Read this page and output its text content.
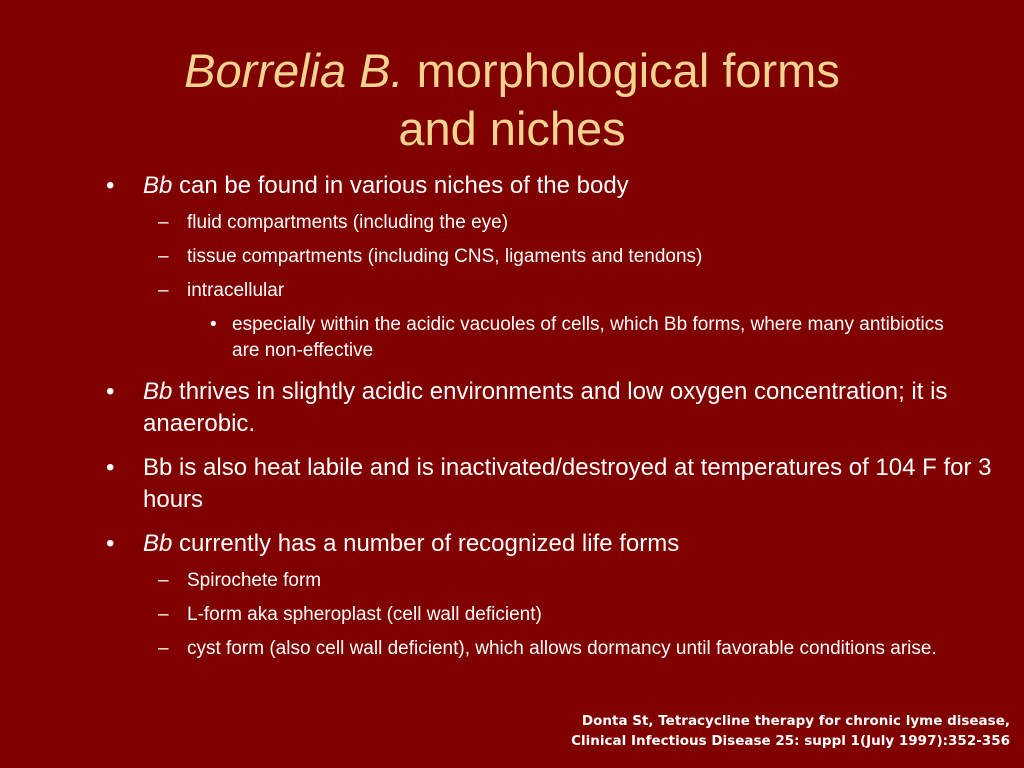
Borrelia B. morphological forms
and niches
• Bb can be found in various niches of the body
– fluid compartments (including the eye)
– tissue compartments (including CNS, ligaments and tendons)
– intracellular
• especially within the acidic vacuoles of cells, which Bb forms, where many antibiotics are non-effective
• Bb thrives in slightly acidic environments and low oxygen concentration; it is anaerobic.
• Bb is also heat labile and is inactivated/destroyed at temperatures of 104 F for 3 hours
• Bb currently has a number of recognized life forms
– Spirochete form
– L-form aka spheroplast (cell wall deficient)
– cyst form (also cell wall deficient), which allows dormancy until favorable conditions arise.
Donta St, Tetracycline therapy for chronic lyme disease,
Clinical Infectious Disease 25: suppl 1(July 1997):352-356
